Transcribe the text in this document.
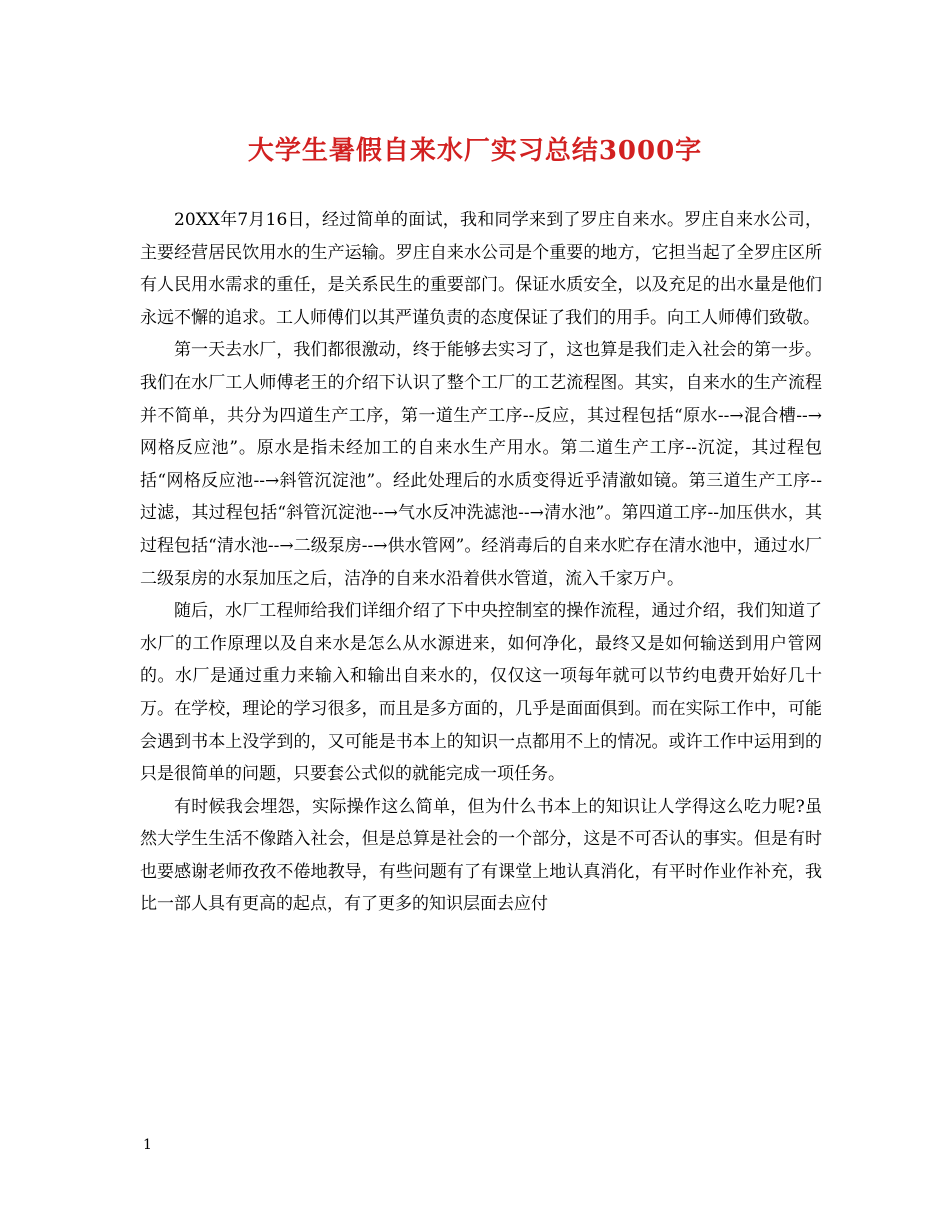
大学生暑假自来水厂实习总结3000字

20XX年7月16日，经过简单的面试，我和同学来到了罗庄自来水。罗庄自来水公司，主要经营居民饮用水的生产运输。罗庄自来水公司是个重要的地方，它担当起了全罗庄区所有人民用水需求的重任，是关系民生的重要部门。保证水质安全，以及充足的出水量是他们永远不懈的追求。工人师傅们以其严谨负责的态度保证了我们的用手。向工人师傅们致敬。

第一天去水厂，我们都很激动，终于能够去实习了，这也算是我们走入社会的第一步。我们在水厂工人师傅老王的介绍下认识了整个工厂的工艺流程图。其实，自来水的生产流程并不简单，共分为四道生产工序，第一道生产工序--反应，其过程包括“原水--→混合槽--→网格反应池”。原水是指未经加工的自来水生产用水。第二道生产工序--沉淀，其过程包括“网格反应池--→斜管沉淀池”。经此处理后的水质变得近乎清澈如镜。第三道生产工序--过滤，其过程包括“斜管沉淀池--→气水反冲洗滤池--→清水池”。第四道工序--加压供水，其过程包括“清水池--→二级泵房--→供水管网”。经消毒后的自来水贮存在清水池中，通过水厂二级泵房的水泵加压之后，洁净的自来水沿着供水管道，流入千家万户。

随后，水厂工程师给我们详细介绍了下中央控制室的操作流程，通过介绍，我们知道了水厂的工作原理以及自来水是怎么从水源进来，如何净化，最终又是如何输送到用户管网的。水厂是通过重力来输入和输出自来水的，仅仅这一项每年就可以节约电费开始好几十万。在学校，理论的学习很多，而且是多方面的，几乎是面面俱到。而在实际工作中，可能会遇到书本上没学到的，又可能是书本上的知识一点都用不上的情况。或许工作中运用到的只是很简单的问题，只要套公式似的就能完成一项任务。

有时候我会埋怨，实际操作这么简单，但为什么书本上的知识让人学得这么吃力呢?虽然大学生生活不像踏入社会，但是总算是社会的一个部分，这是不可否认的事实。但是有时也要感谢老师孜孜不倦地教导，有些问题有了有课堂上地认真消化，有平时作业作补充，我比一部人具有更高的起点，有了更多的知识层面去应付

1
